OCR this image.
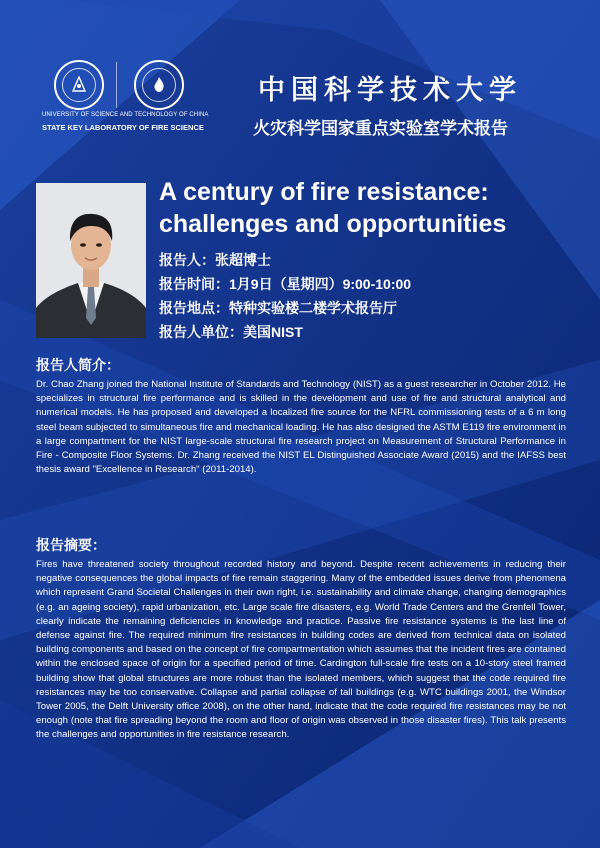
UNIVERSITY OF SCIENCE AND TECHNOLOGY OF CHINA
STATE KEY LABORATORY OF FIRE SCIENCE
中国科学技术大学
火灾科学国家重点实验室学术报告
A century of fire resistance:
challenges and opportunities
报告人：张超博士
报告时间：1月9日（星期四）9:00-10:00
报告地点：特种实验楼二楼学术报告厅
报告人单位：美国NIST
报告人简介：
Dr. Chao Zhang joined the National Institute of Standards and Technology (NIST) as a guest researcher in October 2012. He specializes in structural fire performance and is skilled in the development and use of fire and structural analytical and numerical models. He has proposed and developed a localized fire source for the NFRL commissioning tests of a 6 m long steel beam subjected to simultaneous fire and mechanical loading. He has also designed the ASTM E119 fire environment in a large compartment for the NIST large-scale structural fire research project on Measurement of Structural Performance in Fire - Composite Floor Systems. Dr. Zhang received the NIST EL Distinguished Associate Award (2015) and the IAFSS best thesis award "Excellence in Research" (2011-2014).
报告摘要：
Fires have threatened society throughout recorded history and beyond. Despite recent achievements in reducing their negative consequences the global impacts of fire remain staggering. Many of the embedded issues derive from phenomena which represent Grand Societal Challenges in their own right, i.e. sustainability and climate change, changing demographics (e.g. an ageing society), rapid urbanization, etc. Large scale fire disasters, e.g. World Trade Centers and the Grenfell Tower, clearly indicate the remaining deficiencies in knowledge and practice. Passive fire resistance systems is the last line of defense against fire. The required minimum fire resistances in building codes are derived from technical data on isolated building components and based on the concept of fire compartmentation which assumes that the incident fires are contained within the enclosed space of origin for a specified period of time. Cardington full-scale fire tests on a 10-story steel framed building show that global structures are more robust than the isolated members, which suggest that the code required fire resistances may be too conservative. Collapse and partial collapse of tall buildings (e.g. WTC buildings 2001, the Windsor Tower 2005, the Delft University office 2008), on the other hand, indicate that the code required fire resistances may be not enough (note that fire spreading beyond the room and floor of origin was observed in those disaster fires). This talk presents the challenges and opportunities in fire resistance research.
